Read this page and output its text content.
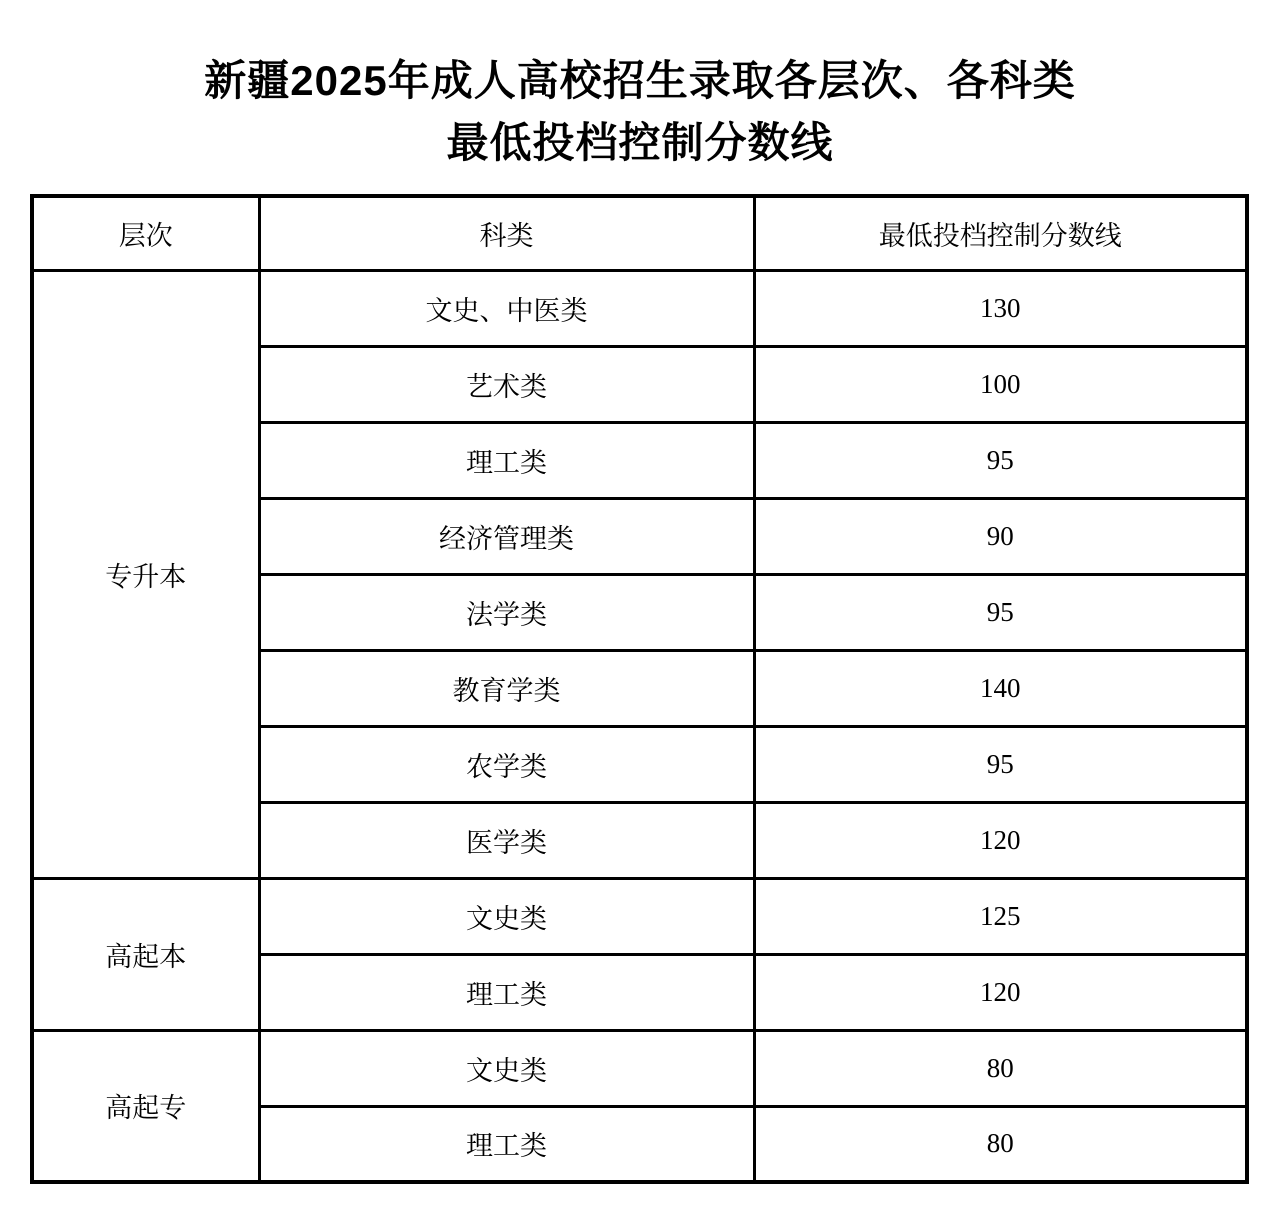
新疆2025年成人高校招生录取各层次、各科类
最低投档控制分数线
层次	科类	最低投档控制分数线
专升本	文史、中医类	130
	艺术类	100
	理工类	95
	经济管理类	90
	法学类	95
	教育学类	140
	农学类	95
	医学类	120
高起本	文史类	125
	理工类	120
高起专	文史类	80
	理工类	80
